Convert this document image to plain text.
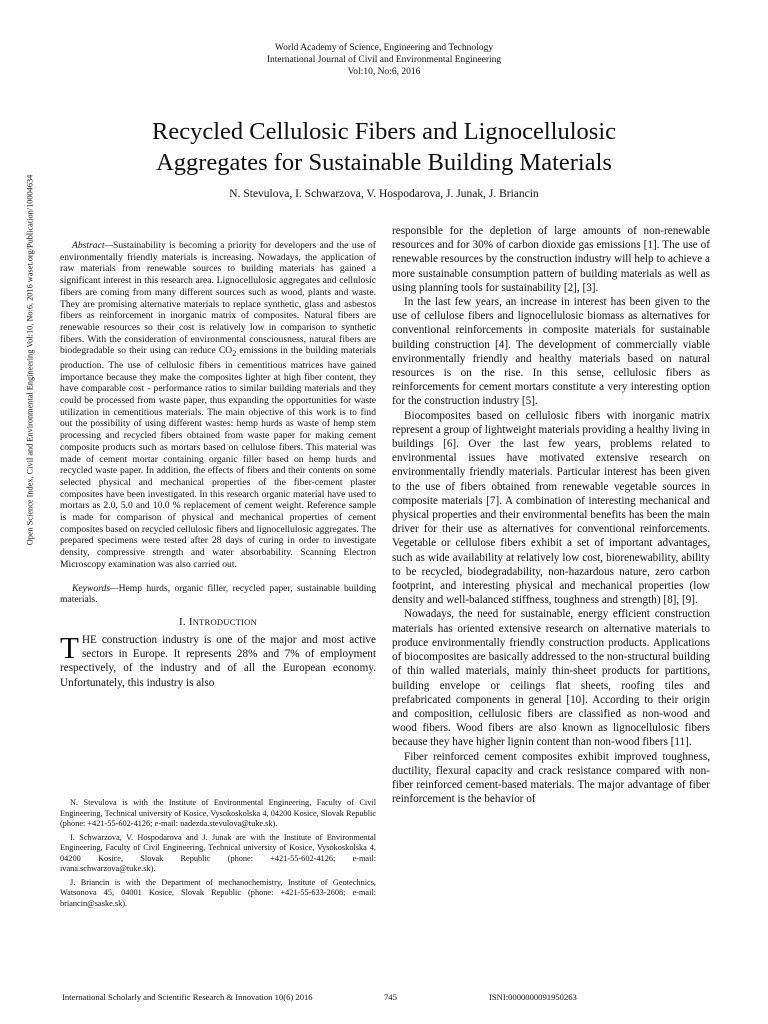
World Academy of Science, Engineering and Technology
International Journal of Civil and Environmental Engineering
Vol:10, No:6, 2016
Recycled Cellulosic Fibers and Lignocellulosic
Aggregates for Sustainable Building Materials
N. Stevulova, I. Schwarzova, V. Hospodarova, J. Junak, J. Briancin
Open Science Index, Civil and Environmental Engineering Vol:10, No:6, 2016 waset.org/Publication/10004634	Abstract—Sustainability is becoming a priority for developers and the use of environmentally friendly materials is increasing. Nowadays, the application of raw materials from renewable sources to building materials has gained a significant interest in this research area. Lignocellulosic aggregates and cellulosic fibers are coming from many different sources such as wood, plants and waste. They are promising alternative materials to replace synthetic, glass and asbestos fibers as reinforcement in inorganic matrix of composites. Natural fibers are renewable resources so their cost is relatively low in comparison to synthetic fibers. With the consideration of environmental consciousness, natural fibers are biodegradable so their using can reduce $CO_2$ emissions in the building materials production. The use of cellulosic fibers in cementitious matrices have gained importance because they make the composites lighter at high fiber content, they have comparable cost - performance ratios to similar building materials and they could be processed from waste paper, thus expanding the opportunities for waste utilization in cementitious materials. The main objective of this work is to find out the possibility of using different wastes: hemp hurds as waste of hemp stem processing and recycled fibers obtained from waste paper for making cement composite products such as mortars based on cellulose fibers. This material was made of cement mortar containing organic filler based on hemp hurds and recycled waste paper. In addition, the effects of fibers and their contents on some selected physical and mechanical properties of the fiber-cement plaster composites have been investigated. In this research organic material have used to mortars as 2.0, 5.0 and 10.0 % replacement of cement weight. Reference sample is made for comparison of physical and mechanical properties of cement composites based on recycled cellulosic fibers and lignocellulosic aggregates. The prepared specimens were tested after 28 days of curing in order to investigate density, compressive strength and water absorbability. Scanning Electron Microscopy examination was also carried out.

Keywords—Hemp hurds, organic filler, recycled paper, sustainable building materials.

I. INTRODUCTION

THE construction industry is one of the major and most active sectors in Europe. It represents 28% and 7% of employment respectively, of the industry and of all the European economy. Unfortunately, this industry is also

N. Stevulova is with the Institute of Environmental Engineering, Faculty of Civil Engineering, Technical university of Kosice, Vysokoskolska 4, 04200 Kosice, Slovak Republic (phone: +421-55-602-4126; e-mail: nadezda.stevulova@tuke.sk).

I. Schwarzova, V. Hospodarova and J. Junak are with the Institute of Environmental Engineering, Faculty of Civil Engineering, Technical university of Kosice, Vysokoskolska 4, 04200 Kosice, Slovak Republic (phone: +421-55-602-4126; e-mail: ivana.schwarzova@tuke.sk).

J. Briancin is with the Department of mechanochemistry, Institute of Geotechnics, Watsonova 45, 04001 Kosice, Slovak Republic (phone: +421-55-633-2608; e-mail: briancin@saske.sk).

responsible for the depletion of large amounts of non-renewable resources and for 30% of carbon dioxide gas emissions [1]. The use of renewable resources by the construction industry will help to achieve a more sustainable consumption pattern of building materials as well as using planning tools for sustainability [2], [3].

In the last few years, an increase in interest has been given to the use of cellulose fibers and lignocellulosic biomass as alternatives for conventional reinforcements in composite materials for sustainable building construction [4]. The development of commercially viable environmentally friendly and healthy materials based on natural resources is on the rise. In this sense, cellulosic fibers as reinforcements for cement mortars constitute a very interesting option for the construction industry [5].

Biocomposites based on cellulosic fibers with inorganic matrix represent a group of lightweight materials providing a healthy living in buildings [6]. Over the last few years, problems related to environmental issues have motivated extensive research on environmentally friendly materials. Particular interest has been given to the use of fibers obtained from renewable vegetable sources in composite materials [7]. A combination of interesting mechanical and physical properties and their environmental benefits has been the main driver for their use as alternatives for conventional reinforcements. Vegetable or cellulose fibers exhibit a set of important advantages, such as wide availability at relatively low cost, biorenewability, ability to be recycled, biodegradability, non-hazardous nature, zero carbon footprint, and interesting physical and mechanical properties (low density and well-balanced stiffness, toughness and strength) [8], [9].

Nowadays, the need for sustainable, energy efficient construction materials has oriented extensive research on alternative materials to produce environmentally friendly construction products. Applications of biocomposites are basically addressed to the non-structural building of thin walled materials, mainly thin-sheet products for partitions, building envelope or ceilings flat sheets, roofing tiles and prefabricated components in general [10]. According to their origin and composition, cellulosic fibers are classified as non-wood and wood fibers. Wood fibers are also known as lignocellulosic fibers because they have higher lignin content than non-wood fibers [11].

Fiber reinforced cement composites exhibit improved toughness, ductility, flexural capacity and crack resistance compared with non-fiber reinforced cement-based materials. The major advantage of fiber reinforcement is the behavior of

International Scholarly and Scientific Research & Innovation 10(6) 2016	745	ISNI:0000000091950263
